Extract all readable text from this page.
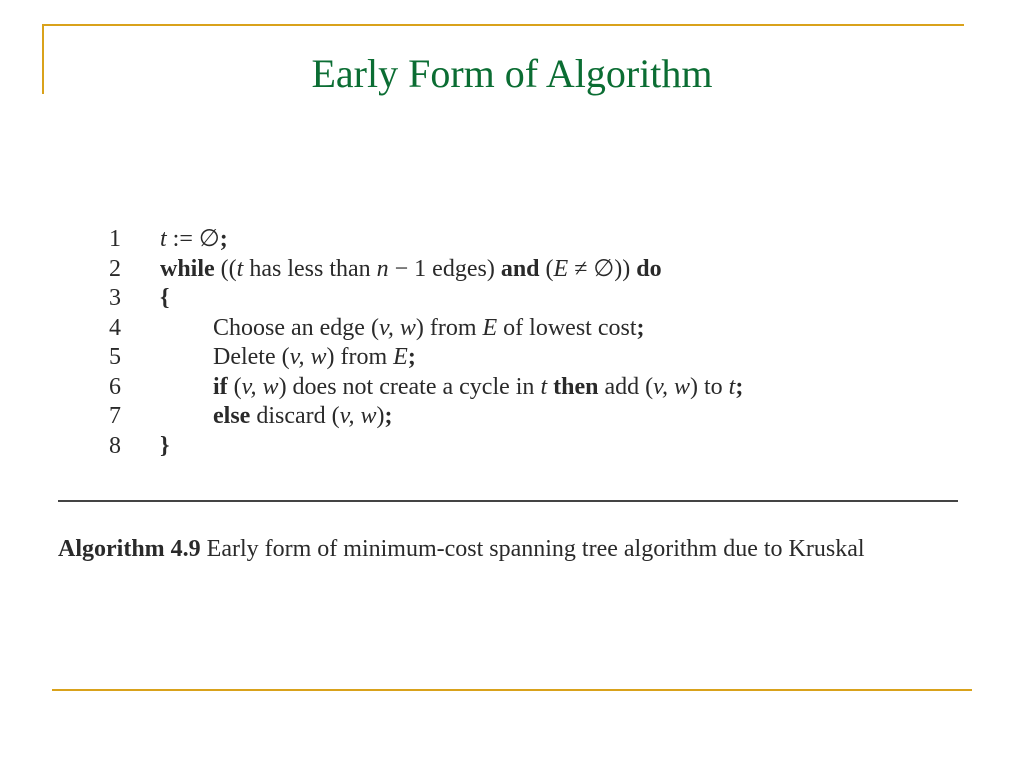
Early Form of Algorithm
1	t := ∅;
2	while ((t has less than n − 1 edges) and (E ≠ ∅)) do
3	{
4	Choose an edge (v, w) from E of lowest cost;
5	Delete (v, w) from E;
6	if (v, w) does not create a cycle in t then add (v, w) to t;
7	else discard (v, w);
8	}
Algorithm 4.9 Early form of minimum-cost spanning tree algorithm due to Kruskal
